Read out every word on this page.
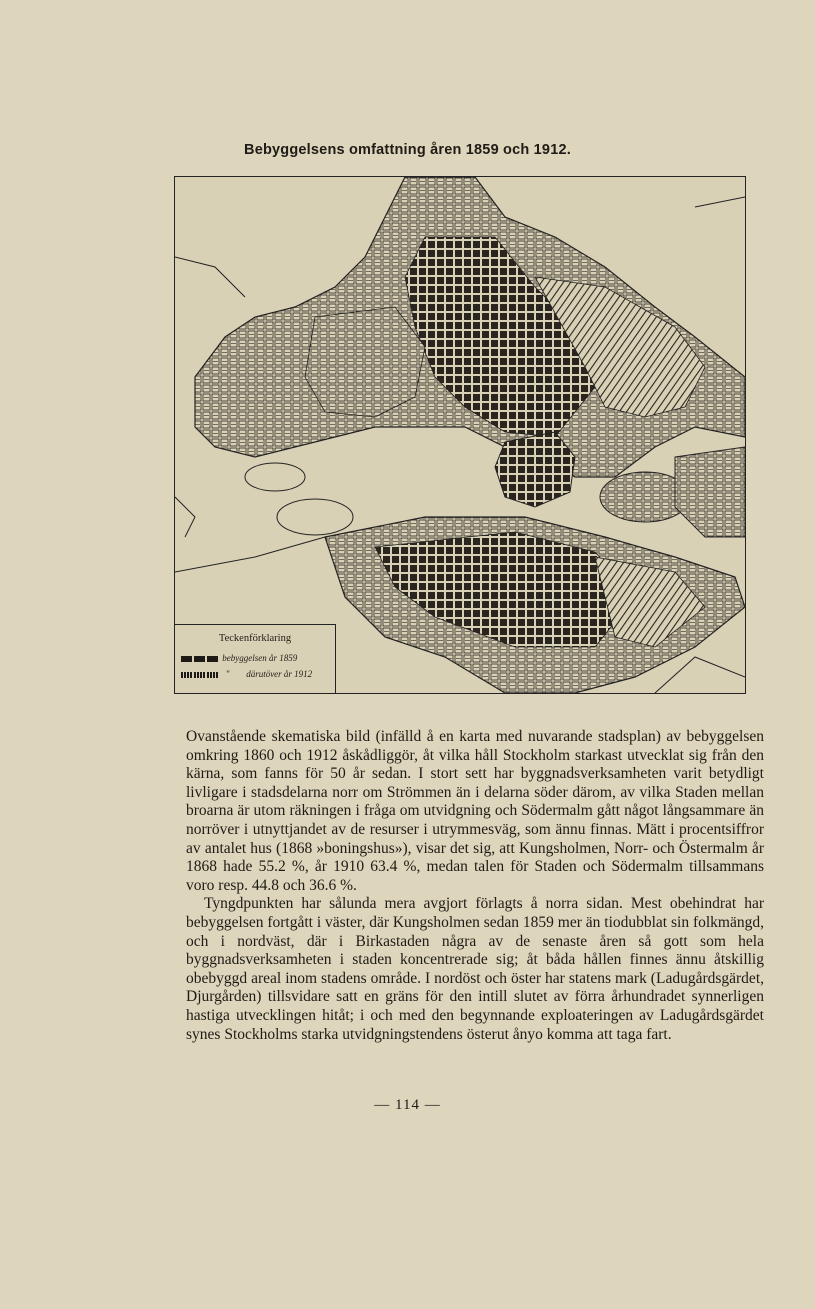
Bebyggelsens omfattning åren 1859 och 1912.
Teckenförklaring
bebyggelsen år 1859
" därutöver år 1912

Ovanstående skematiska bild (infälld å en karta med nuvarande stadsplan) av bebyggelsen omkring 1860 och 1912 åskådliggör, åt vilka håll Stockholm starkast utvecklat sig från den kärna, som fanns för 50 år sedan. I stort sett har byggnadsverksamheten varit betydligt livligare i stadsdelarna norr om Strömmen än i delarna söder därom, av vilka Staden mellan broarna är utom räkningen i fråga om utvidgning och Södermalm gått något långsammare än norröver i utnyttjandet av de resurser i utrymmesväg, som ännu finnas. Mätt i procentsiffror av antalet hus (1868 »boningshus»), visar det sig, att Kungsholmen, Norr- och Östermalm år 1868 hade 55.2 %, år 1910 63.4 %, medan talen för Staden och Södermalm tillsammans voro resp. 44.8 och 36.6 %.

Tyngdpunkten har sålunda mera avgjort förlagts å norra sidan. Mest obehindrat har bebyggelsen fortgått i väster, där Kungsholmen sedan 1859 mer än tiodubblat sin folkmängd, och i nordväst, där i Birkastaden några av de senaste åren så gott som hela byggnadsverksamheten i staden koncentrerade sig; åt båda hållen finnes ännu åtskillig obebyggd areal inom stadens område. I nordöst och öster har statens mark (Ladugårdsgärdet, Djurgården) tillsvidare satt en gräns för den intill slutet av förra århundradet synnerligen hastiga utvecklingen hitåt; i och med den begynnande exploateringen av Ladugårdsgärdet synes Stockholms starka utvidgningstendens österut ånyo komma att taga fart.

— 114 —
